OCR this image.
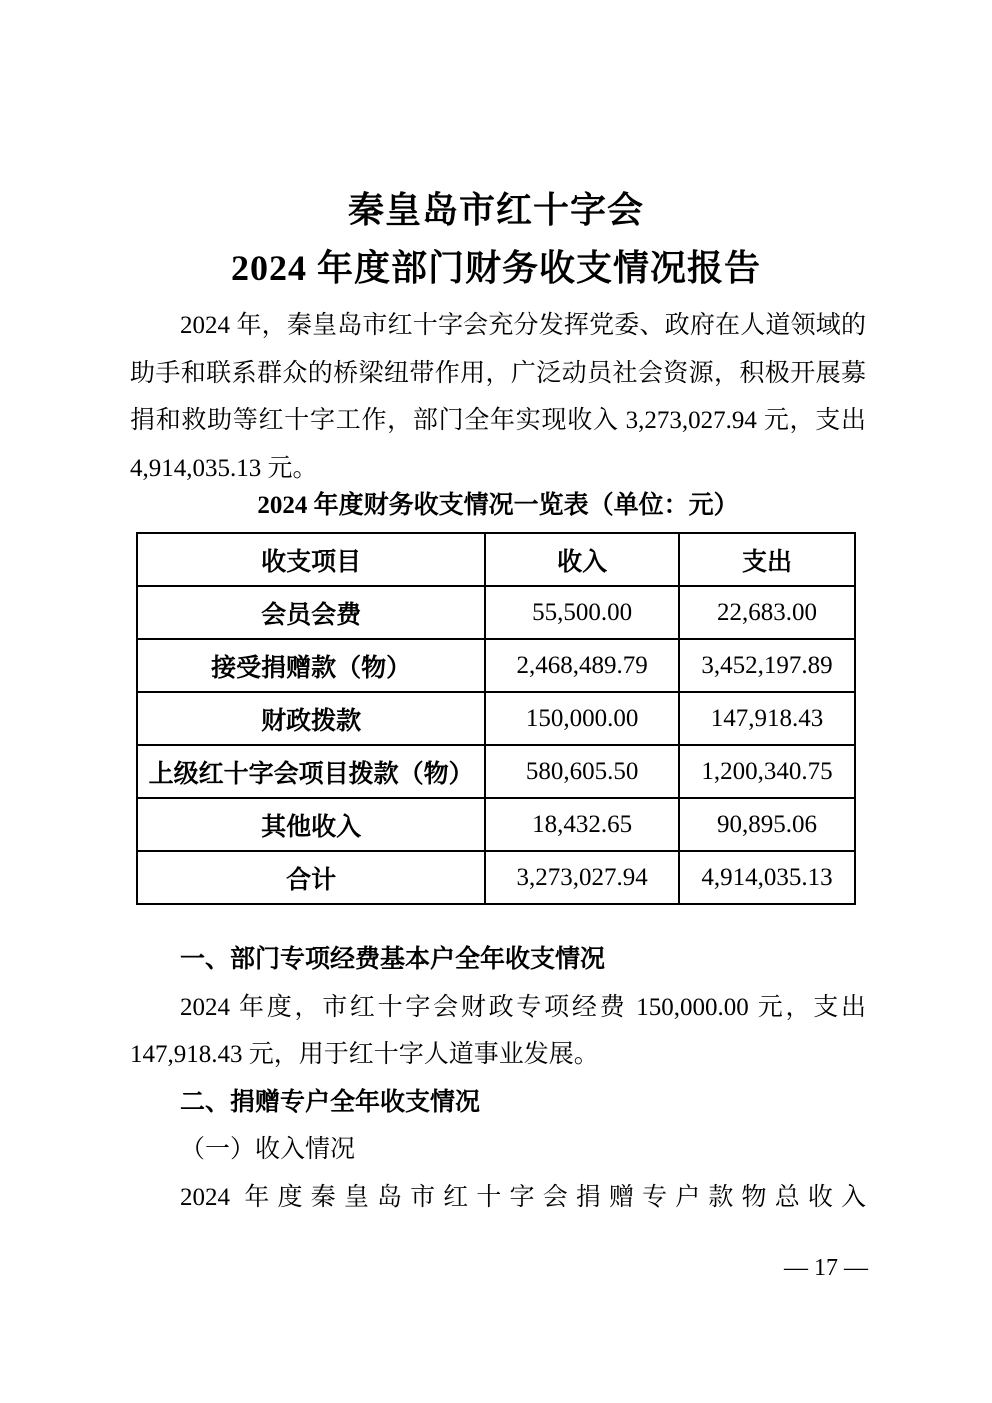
秦皇岛市红十字会
2024 年度部门财务收支情况报告
2024 年，秦皇岛市红十字会充分发挥党委、政府在人道领域的助手和联系群众的桥梁纽带作用，广泛动员社会资源，积极开展募捐和救助等红十字工作，部门全年实现收入 3,273,027.94 元，支出 4,914,035.13 元。
2024 年度财务收支情况一览表（单位：元）
收支项目	收入	支出
会员会费	55,500.00	22,683.00
接受捐赠款（物）	2,468,489.79	3,452,197.89
财政拨款	150,000.00	147,918.43
上级红十字会项目拨款（物）	580,605.50	1,200,340.75
其他收入	18,432.65	90,895.06
合计	3,273,027.94	4,914,035.13
一、部门专项经费基本户全年收支情况
2024 年度，市红十字会财政专项经费 150,000.00 元，支出 147,918.43 元，用于红十字人道事业发展。
二、捐赠专户全年收支情况
（一）收入情况
2024 年度秦皇岛市红十字会捐赠专户款物总收入
— 17 —
